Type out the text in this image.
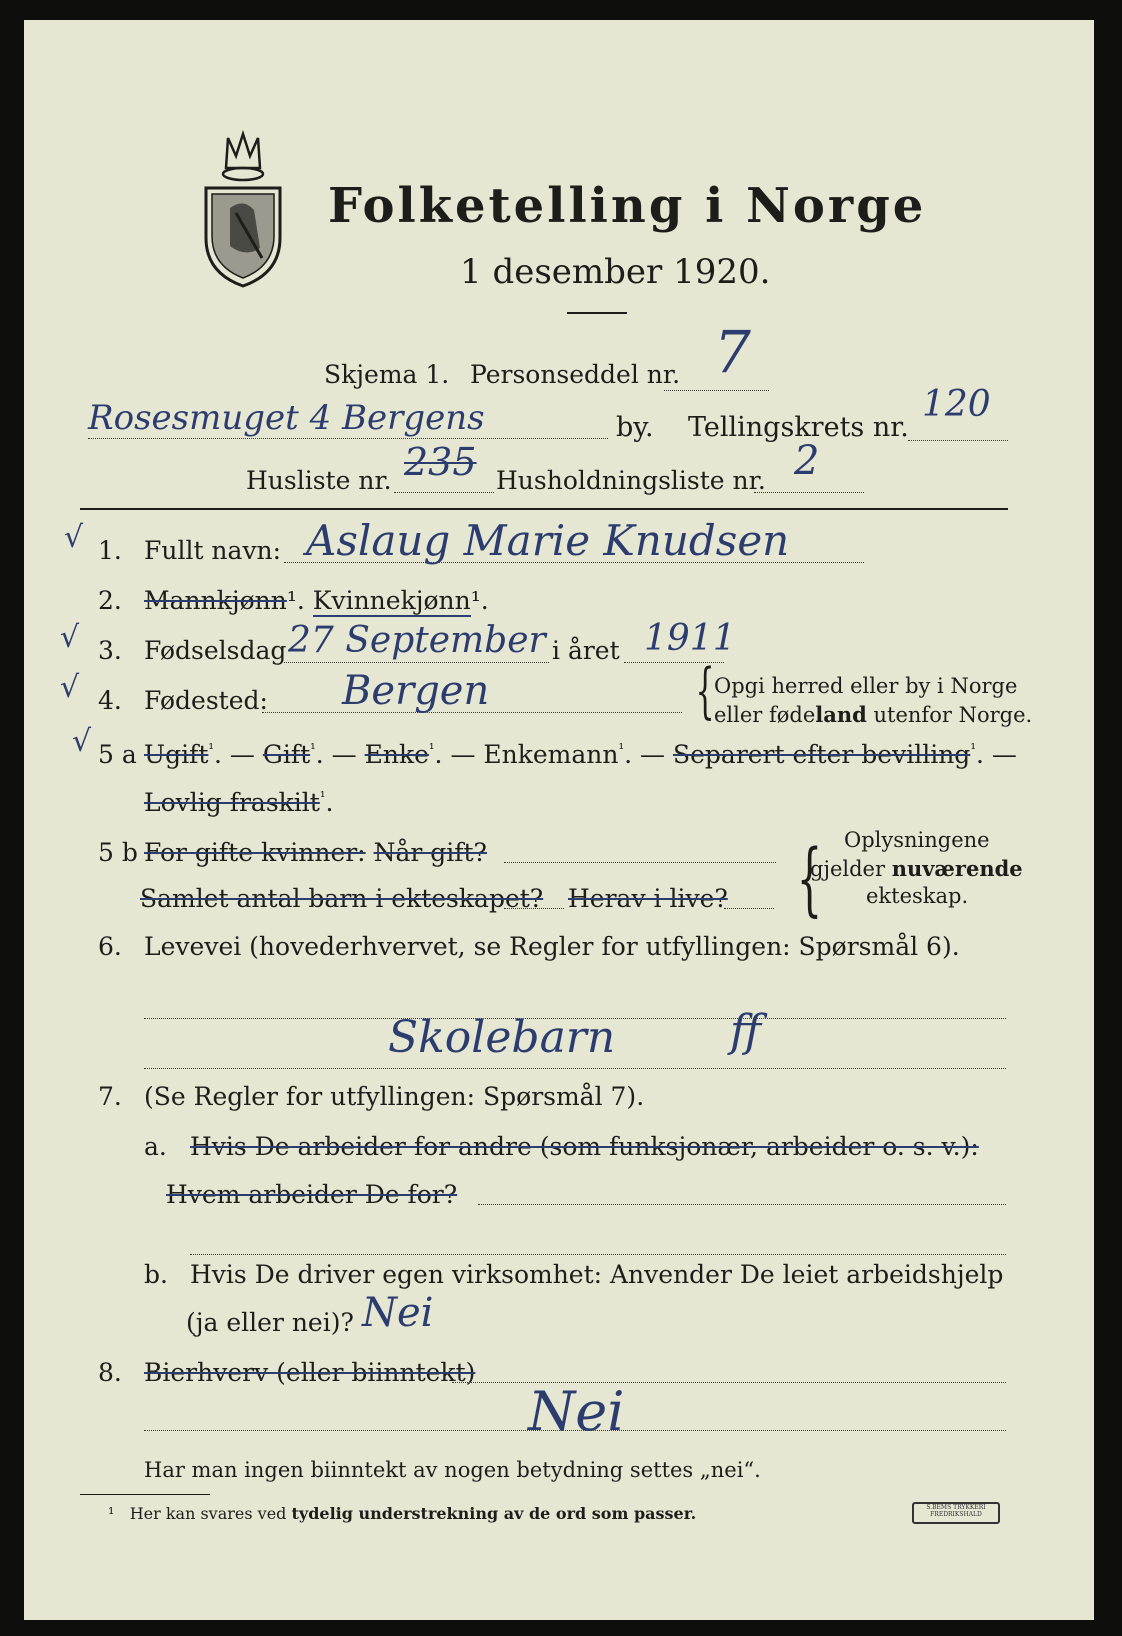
Folketelling i Norge
1 desember 1920.
Skjema 1. Personseddel nr. 7
Rosesmuget 4 Bergens	by. Tellingskrets nr.
120
Husliste nr. 235 Husholdningsliste nr. 2
√ 1. Fullt navn: Aslaug Marie Knudsen
2. Mannkjønn¹. Kvinnekjønn¹.
√ 3. Fødselsdag 27 September i året 1911
√ 4. Fødested: Bergen	{ Opgi herred eller by i Norge
eller fødeland utenfor Norge.
√ 5 a Ugift$^{^1}$. — Gift$^{^1}$. — Enke$^{^1}$. — Enkemann$^{^1}$. — Separert efter bevilling$^{^1}$. —
Lovlig fraskilt$^{^1}$.
5 b For gifte kvinner: Når gift?
Samlet antal barn i ekteskapet? Herav i live? { Oplysningene
gjelder nuværende
ekteskap.
6. Levevei (hovederhvervet, se Regler for utfyllingen: Spørsmål 6).
Skolebarn	ff
7. (Se Regler for utfyllingen: Spørsmål 7).
a. Hvis De arbeider for andre (som funksjonær, arbeider o. s. v.):
Hvem arbeider De for?
b. Hvis De driver egen virksomhet: Anvender De leiet arbeidshjelp
(ja eller nei)? Nei
8. Bierhverv (eller biinntekt)
Nei
Har man ingen biinntekt av nogen betydning settes „nei“.
¹ Her kan svares ved tydelig understrekning av de ord som passer.	S.BEMS TRYKKERI
FREDRIKSHALD
